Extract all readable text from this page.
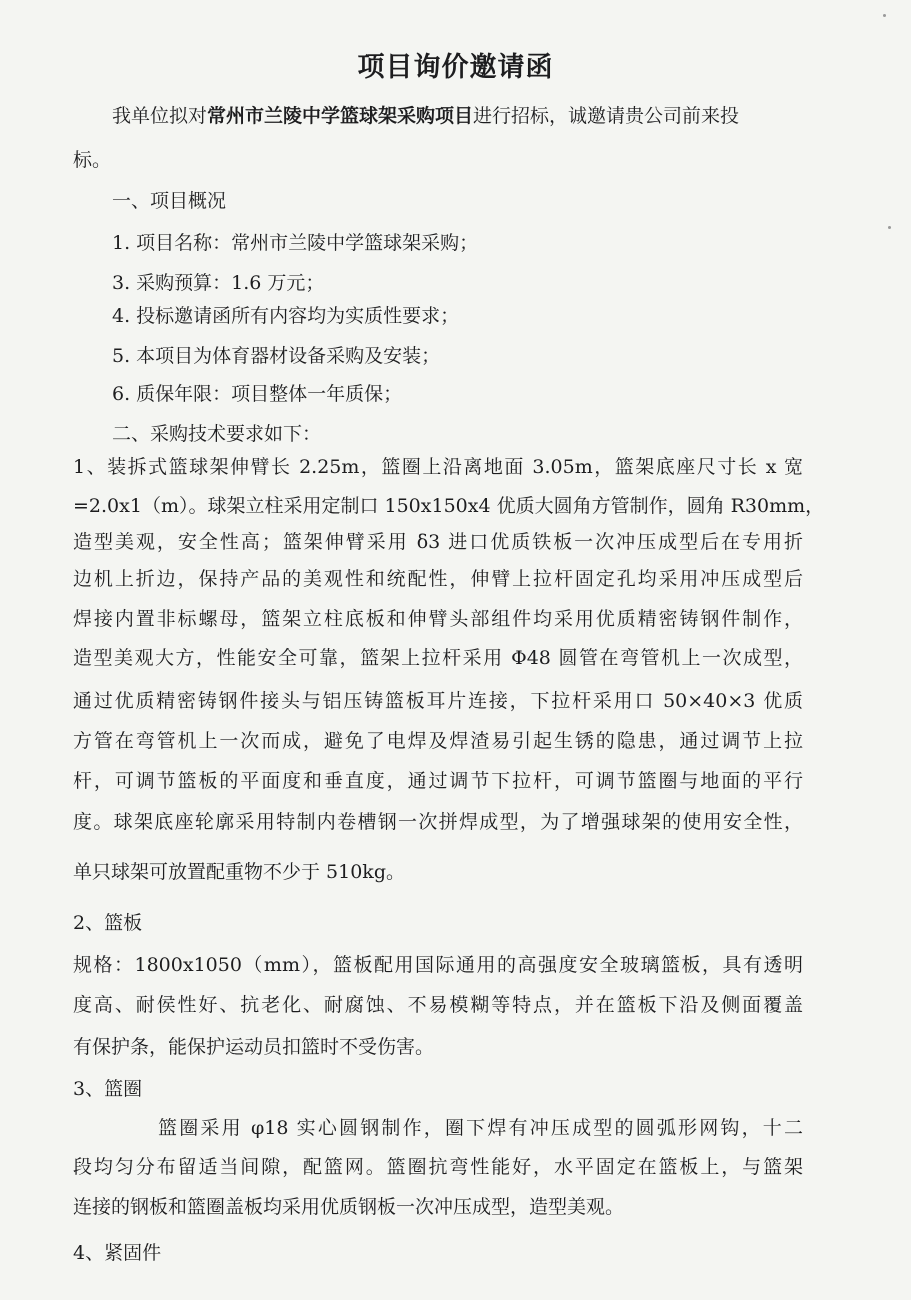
项目询价邀请函

我单位拟对常州市兰陵中学篮球架采购项目进行招标，诚邀请贵公司前来投

标。

一、项目概况

1. 项目名称：常州市兰陵中学篮球架采购；

3. 采购预算：1.6 万元；

4. 投标邀请函所有内容均为实质性要求；

5. 本项目为体育器材设备采购及安装；

6. 质保年限：项目整体一年质保；

二、采购技术要求如下：

1、装拆式篮球架伸臂长 2.25m，篮圈上沿离地面 3.05m，篮架底座尺寸长 x 宽

=2.0x1（m）。球架立柱采用定制口 150x150x4 优质大圆角方管制作，圆角 R30mm，

造型美观，安全性高；篮架伸臂采用 δ3 进口优质铁板一次冲压成型后在专用折

边机上折边，保持产品的美观性和统配性，伸臂上拉杆固定孔均采用冲压成型后

焊接内置非标螺母，篮架立柱底板和伸臂头部组件均采用优质精密铸钢件制作，

造型美观大方，性能安全可靠，篮架上拉杆采用 Φ48 圆管在弯管机上一次成型，

通过优质精密铸钢件接头与铝压铸篮板耳片连接，下拉杆采用口 50×40×3 优质

方管在弯管机上一次而成，避免了电焊及焊渣易引起生锈的隐患，通过调节上拉

杆，可调节篮板的平面度和垂直度，通过调节下拉杆，可调节篮圈与地面的平行

度。球架底座轮廓采用特制内卷槽钢一次拼焊成型，为了增强球架的使用安全性，

单只球架可放置配重物不少于 510kg。

2、篮板

规格：1800x1050（mm），篮板配用国际通用的高强度安全玻璃篮板，具有透明

度高、耐侯性好、抗老化、耐腐蚀、不易模糊等特点，并在篮板下沿及侧面覆盖

有保护条，能保护运动员扣篮时不受伤害。

3、篮圈

篮圈采用 φ18 实心圆钢制作，圈下焊有冲压成型的圆弧形网钩，十二

段均匀分布留适当间隙，配篮网。篮圈抗弯性能好，水平固定在篮板上，与篮架

连接的钢板和篮圈盖板均采用优质钢板一次冲压成型，造型美观。

4、紧固件
